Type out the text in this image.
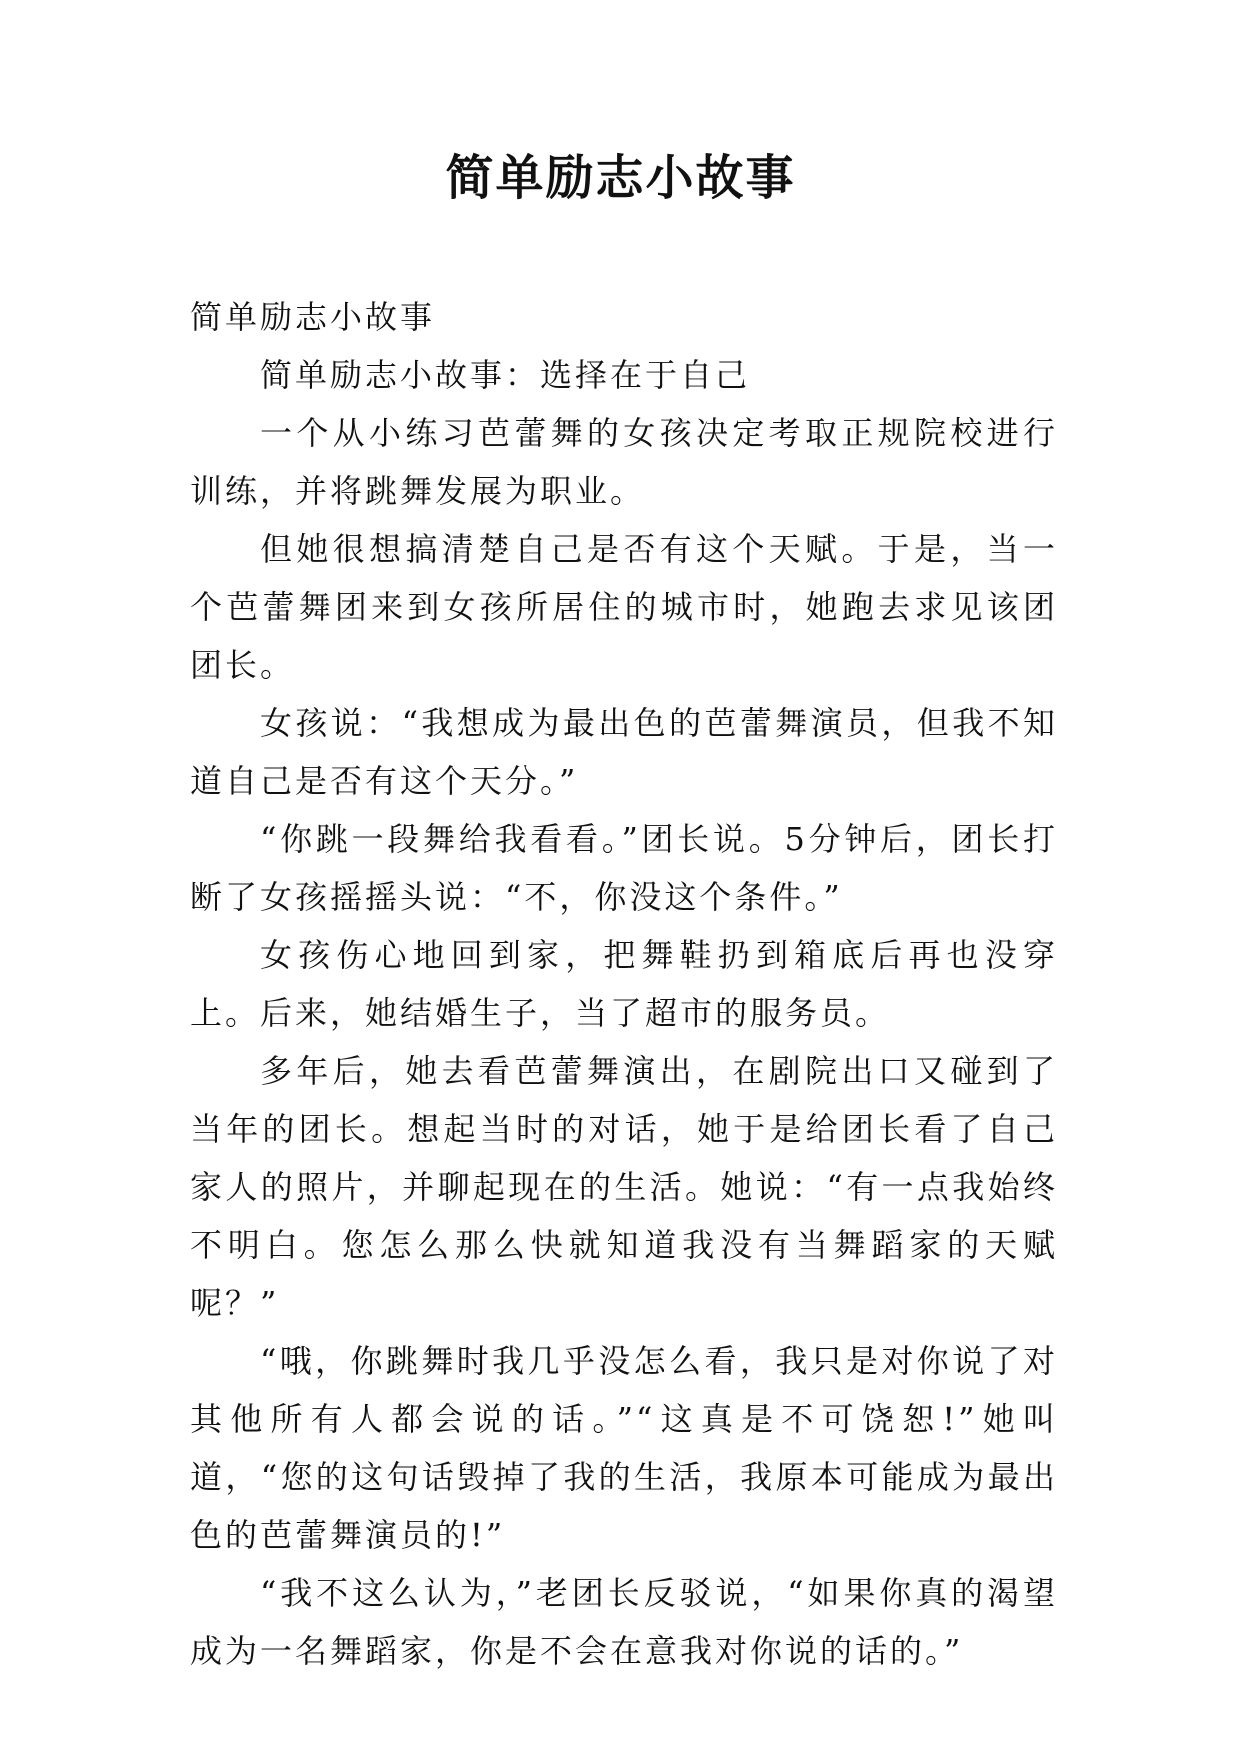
简单励志小故事

简单励志小故事

简单励志小故事：选择在于自己

一个从小练习芭蕾舞的女孩决定考取正规院校进行训练，并将跳舞发展为职业。

但她很想搞清楚自己是否有这个天赋。于是，当一个芭蕾舞团来到女孩所居住的城市时，她跑去求见该团团长。

女孩说：“我想成为最出色的芭蕾舞演员，但我不知道自己是否有这个天分。”

“你跳一段舞给我看看。”团长说。5分钟后，团长打断了女孩摇摇头说：“不，你没这个条件。”

女孩伤心地回到家，把舞鞋扔到箱底后再也没穿上。后来，她结婚生子，当了超市的服务员。

多年后，她去看芭蕾舞演出，在剧院出口又碰到了当年的团长。想起当时的对话，她于是给团长看了自己家人的照片，并聊起现在的生活。她说：“有一点我始终不明白。您怎么那么快就知道我没有当舞蹈家的天赋呢？”

“哦，你跳舞时我几乎没怎么看，我只是对你说了对其他所有人都会说的话。”“这真是不可饶恕!”她叫道，“您的这句话毁掉了我的生活，我原本可能成为最出色的芭蕾舞演员的!”

“我不这么认为，”老团长反驳说，“如果你真的渴望成为一名舞蹈家，你是不会在意我对你说的话的。”
